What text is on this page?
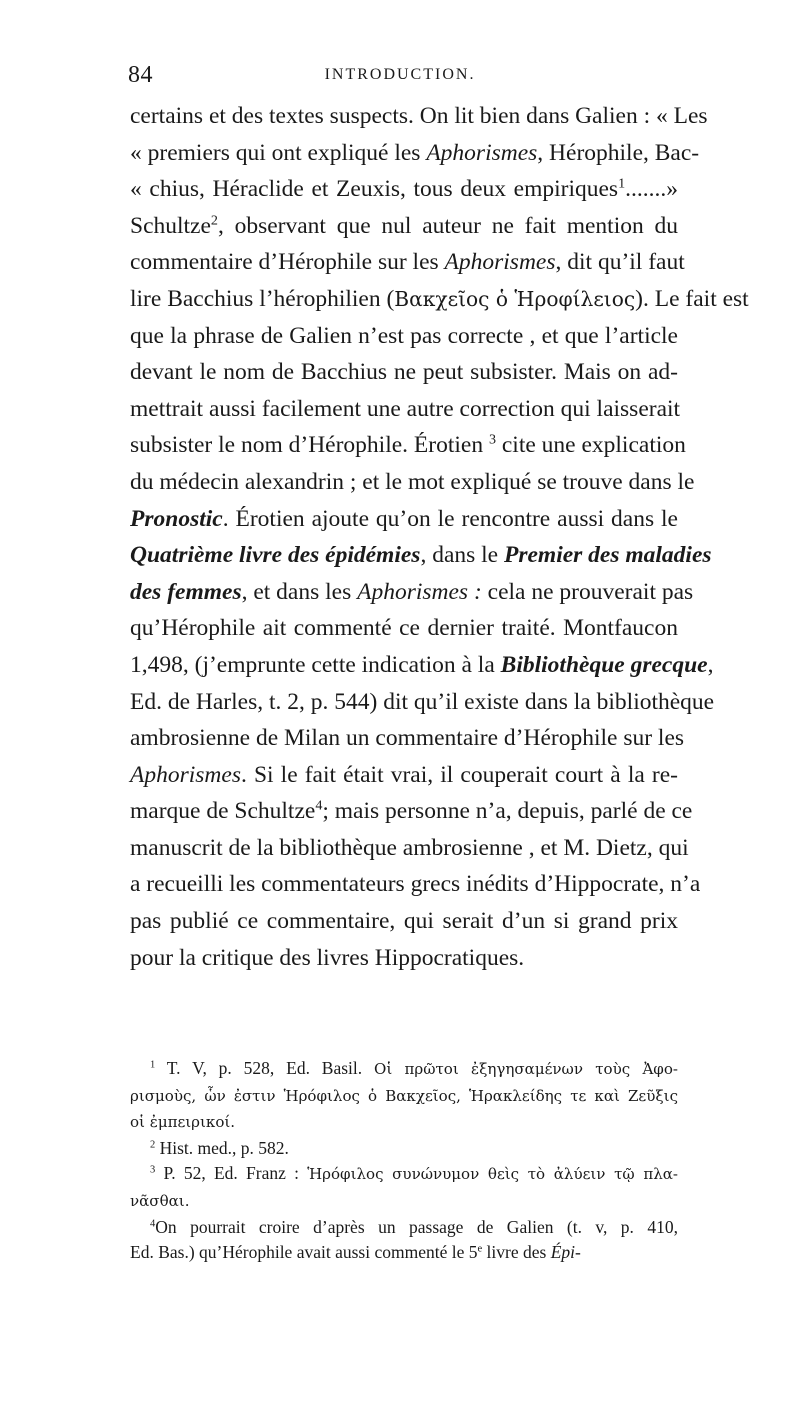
84	INTRODUCTION.
certains et des textes suspects. On lit bien dans Galien : « Les
« premiers qui ont expliqué les Aphorismes, Hérophile, Bac-
« chius, Héraclide et Zeuxis, tous deux empiriques$^1$.......»
Schultze$^2$, observant que nul auteur ne fait mention du
commentaire d’Hérophile sur les Aphorismes, dit qu’il faut
lire Bacchius l’hérophilien (Βακχεῖος ὁ Ἡροφίλειος). Le fait est
que la phrase de Galien n’est pas correcte , et que l’article
devant le nom de Bacchius ne peut subsister. Mais on ad-
mettrait aussi facilement une autre correction qui laisserait
subsister le nom d’Hérophile. Érotien $^3$ cite une explication
du médecin alexandrin ; et le mot expliqué se trouve dans le
Pronostic. Érotien ajoute qu’on le rencontre aussi dans le
Quatrième livre des épidémies, dans le Premier des maladies
des femmes, et dans les Aphorismes : cela ne prouverait pas
qu’Hérophile ait commenté ce dernier traité. Montfaucon
1,498, (j’emprunte cette indication à la Bibliothèque grecque,
Ed. de Harles, t. 2, p. 544) dit qu’il existe dans la bibliothèque
ambrosienne de Milan un commentaire d’Hérophile sur les
Aphorismes. Si le fait était vrai, il couperait court à la re-
marque de Schultze$^4$; mais personne n’a, depuis, parlé de ce
manuscrit de la bibliothèque ambrosienne , et M. Dietz, qui
a recueilli les commentateurs grecs inédits d’Hippocrate, n’a
pas publié ce commentaire, qui serait d’un si grand prix
pour la critique des livres Hippocratiques.
$^1$ T. V, p. 528, Ed. Basil. Οἱ πρῶτοι ἐξηγησαμένων τοὺς Ἀφο-
ρισμοὺς, ὧν ἐστιν Ἡρόφιλος ὁ Βακχεῖος, Ἡρακλείδης τε καὶ Ζεῦξις
οἱ ἐμπειρικοί.
$^2$ Hist. med., p. 582.
$^3$ P. 52, Ed. Franz : Ἡρόφιλος συνώνυμον θεὶς τὸ ἀλύειν τῷ πλα-
νᾶσθαι.
$^4$On pourrait croire d’après un passage de Galien (t. v, p. 410,
Ed. Bas.) qu’Hérophile avait aussi commenté le 5e livre des Épi-
